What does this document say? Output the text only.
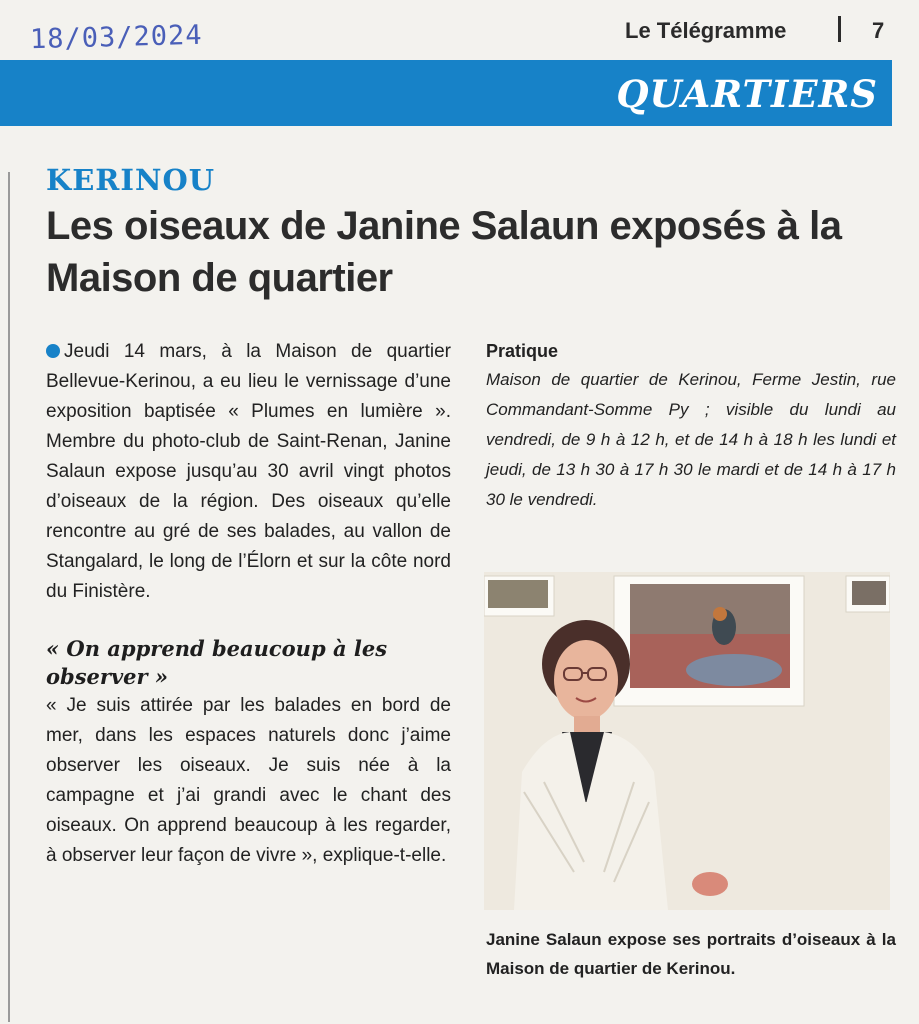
18/03/2024	Le Télégramme	7
QUARTIERS
KERINOU
Les oiseaux de Janine Salaun exposés à la Maison de quartier

Jeudi 14 mars, à la Maison de quartier Bellevue-Kerinou, a eu lieu le vernissage d’une exposition baptisée « Plumes en lumière ». Membre du photo-club de Saint-Renan, Janine Salaun expose jusqu’au 30 avril vingt photos d’oiseaux de la région. Des oiseaux qu’elle rencontre au gré de ses balades, au vallon de Stangalard, le long de l’Élorn et sur la côte nord du Finistère.

« On apprend beaucoup à les observer »

« Je suis attirée par les balades en bord de mer, dans les espaces naturels donc j’aime observer les oiseaux. Je suis née à la campagne et j’ai grandi avec le chant des oiseaux. On apprend beaucoup à les regarder, à observer leur façon de vivre », explique-t-elle.

Pratique
Maison de quartier de Kerinou, Ferme Jestin, rue Commandant-Somme Py ; visible du lundi au vendredi, de 9 h à 12 h, et de 14 h à 18 h les lundi et jeudi, de 13 h 30 à 17 h 30 le mardi et de 14 h à 17 h 30 le vendredi.
Janine Salaun expose ses portraits d’oiseaux à la Maison de quartier de Kerinou.
